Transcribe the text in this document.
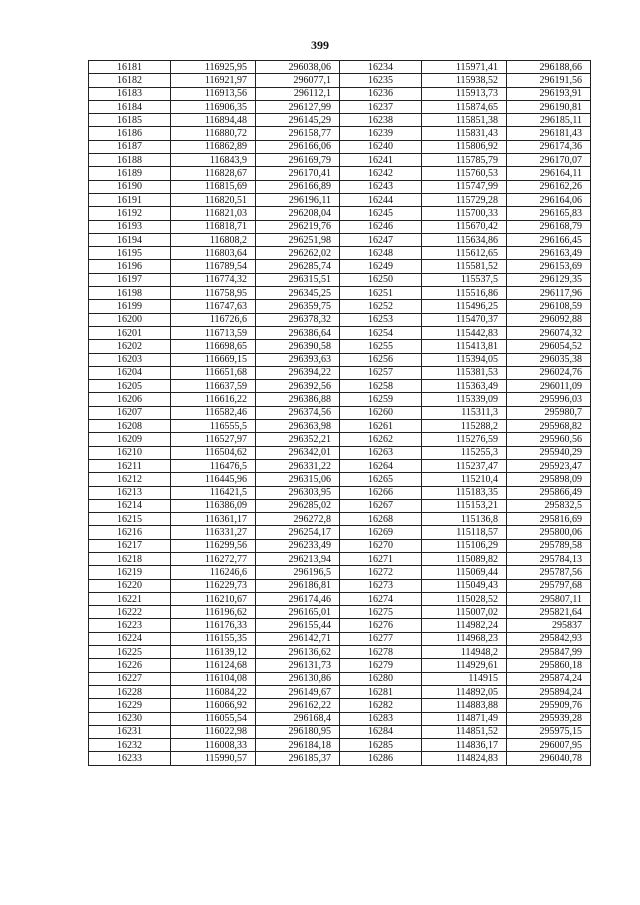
399
16181	116925,95	296038,06	16234	115971,41	296188,66
16182	116921,97	296077,1	16235	115938,52	296191,56
16183	116913,56	296112,1	16236	115913,73	296193,91
16184	116906,35	296127,99	16237	115874,65	296190,81
16185	116894,48	296145,29	16238	115851,38	296185,11
16186	116880,72	296158,77	16239	115831,43	296181,43
16187	116862,89	296166,06	16240	115806,92	296174,36
16188	116843,9	296169,79	16241	115785,79	296170,07
16189	116828,67	296170,41	16242	115760,53	296164,11
16190	116815,69	296166,89	16243	115747,99	296162,26
16191	116820,51	296196,11	16244	115729,28	296164,06
16192	116821,03	296208,04	16245	115700,33	296165,83
16193	116818,71	296219,76	16246	115670,42	296168,79
16194	116808,2	296251,98	16247	115634,86	296166,45
16195	116803,64	296262,02	16248	115612,65	296163,49
16196	116789,54	296285,74	16249	115581,52	296153,69
16197	116774,32	296315,51	16250	115537,5	296129,35
16198	116758,95	296345,25	16251	115516,86	296117,96
16199	116747,63	296359,75	16252	115496,25	296108,59
16200	116726,6	296378,32	16253	115470,37	296092,88
16201	116713,59	296386,64	16254	115442,83	296074,32
16202	116698,65	296390,58	16255	115413,81	296054,52
16203	116669,15	296393,63	16256	115394,05	296035,38
16204	116651,68	296394,22	16257	115381,53	296024,76
16205	116637,59	296392,56	16258	115363,49	296011,09
16206	116616,22	296386,88	16259	115339,09	295996,03
16207	116582,46	296374,56	16260	115311,3	295980,7
16208	116555,5	296363,98	16261	115288,2	295968,82
16209	116527,97	296352,21	16262	115276,59	295960,56
16210	116504,62	296342,01	16263	115255,3	295940,29
16211	116476,5	296331,22	16264	115237,47	295923,47
16212	116445,96	296315,06	16265	115210,4	295898,09
16213	116421,5	296303,95	16266	115183,35	295866,49
16214	116386,09	296285,02	16267	115153,21	295832,5
16215	116361,17	296272,8	16268	115136,8	295816,69
16216	116331,27	296254,17	16269	115118,57	295800,06
16217	116299,56	296233,49	16270	115106,29	295789,58
16218	116272,77	296213,94	16271	115089,82	295784,13
16219	116246,6	296196,5	16272	115069,44	295787,56
16220	116229,73	296186,81	16273	115049,43	295797,68
16221	116210,67	296174,46	16274	115028,52	295807,11
16222	116196,62	296165,01	16275	115007,02	295821,64
16223	116176,33	296155,44	16276	114982,24	295837
16224	116155,35	296142,71	16277	114968,23	295842,93
16225	116139,12	296136,62	16278	114948,2	295847,99
16226	116124,68	296131,73	16279	114929,61	295860,18
16227	116104,08	296130,86	16280	114915	295874,24
16228	116084,22	296149,67	16281	114892,05	295894,24
16229	116066,92	296162,22	16282	114883,88	295909,76
16230	116055,54	296168,4	16283	114871,49	295939,28
16231	116022,98	296180,95	16284	114851,52	295975,15
16232	116008,33	296184,18	16285	114836,17	296007,95
16233	115990,57	296185,37	16286	114824,83	296040,78
